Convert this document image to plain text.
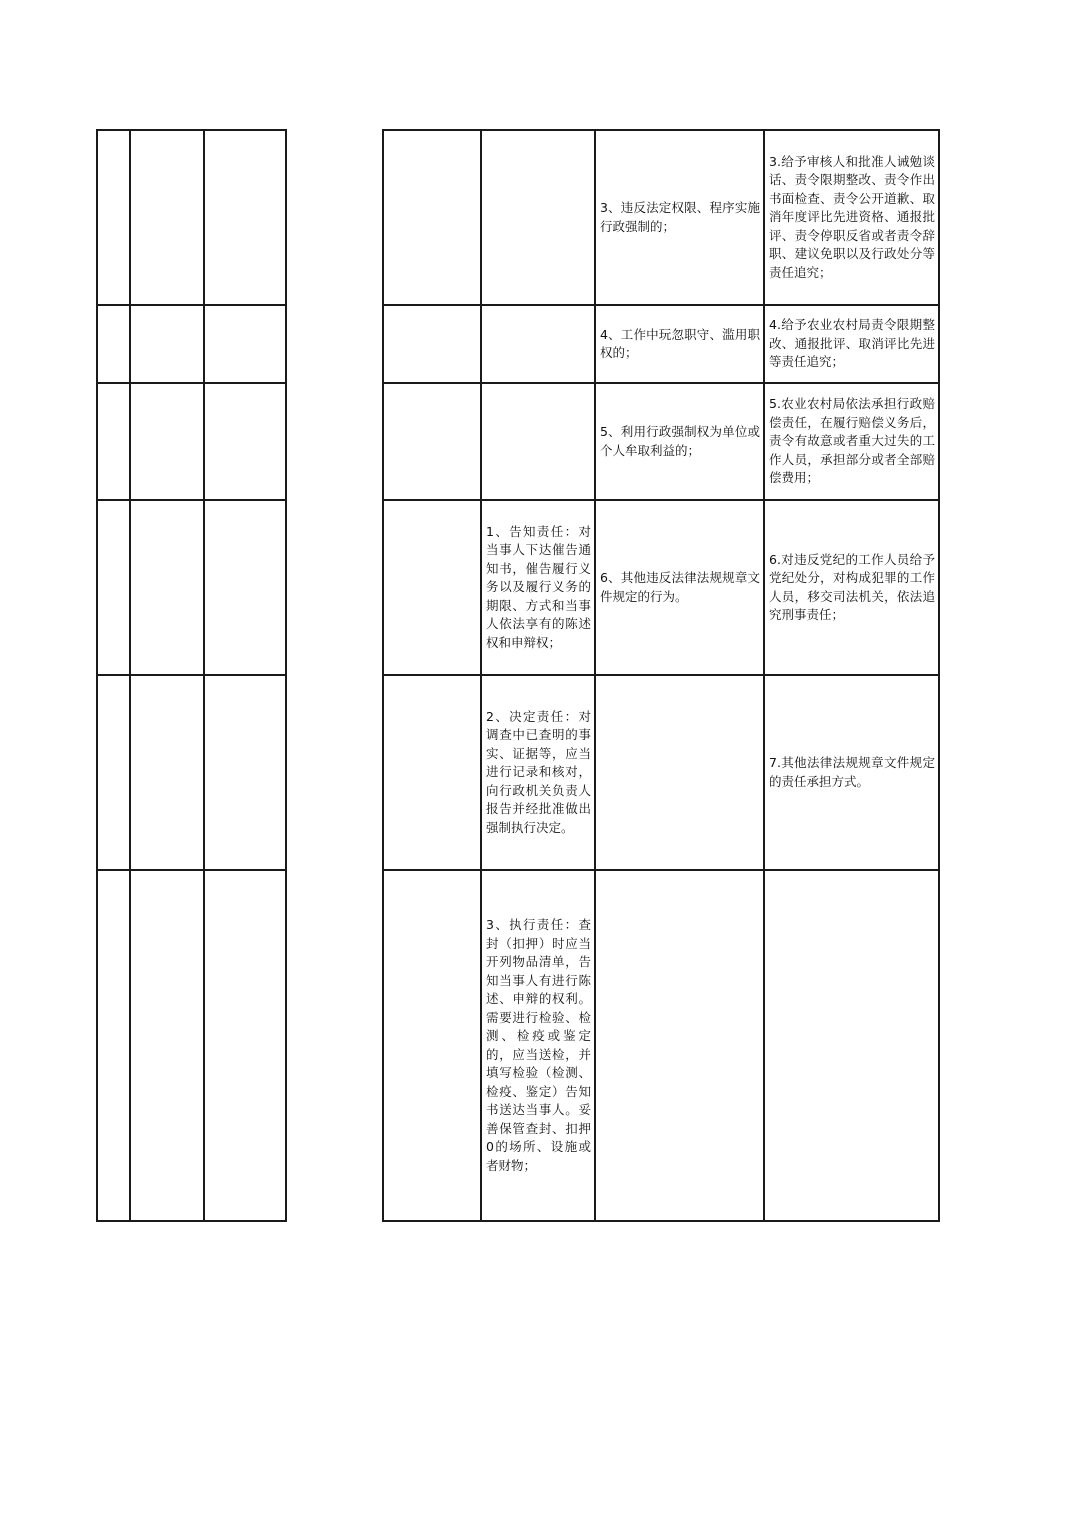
		3、违反法定权限、程序实施行政强制的；	3.给予审核人和批准人诫勉谈话、责令限期整改、责令作出书面检查、责令公开道歉、取消年度评比先进资格、通报批评、责令停职反省或者责令辞职、建议免职以及行政处分等责任追究；

		4、工作中玩忽职守、滥用职权的；	4.给予农业农村局责令限期整改、通报批评、取消评比先进等责任追究；

		5、利用行政强制权为单位或个人牟取利益的；	5.农业农村局依法承担行政赔偿责任，在履行赔偿义务后，责令有故意或者重大过失的工作人员，承担部分或者全部赔偿费用；

	1、告知责任：对当事人下达催告通知书，催告履行义务以及履行义务的期限、方式和当事人依法享有的陈述权和申辩权；	6、其他违反法律法规规章文件规定的行为。	6.对违反党纪的工作人员给予党纪处分，对构成犯罪的工作人员，移交司法机关，依法追究刑事责任；

	2、决定责任：对调查中已查明的事实、证据等，应当进行记录和核对，向行政机关负责人报告并经批准做出强制执行决定。		7.其他法律法规规章文件规定的责任承担方式。

	3、执行责任：查封（扣押）时应当开列物品清单，告知当事人有进行陈述、申辩的权利。需要进行检验、检测、检疫或鉴定的，应当送检，并填写检验（检测、检疫、鉴定）告知书送达当事人。妥善保管查封、扣押0的场所、设施或者财物；		
